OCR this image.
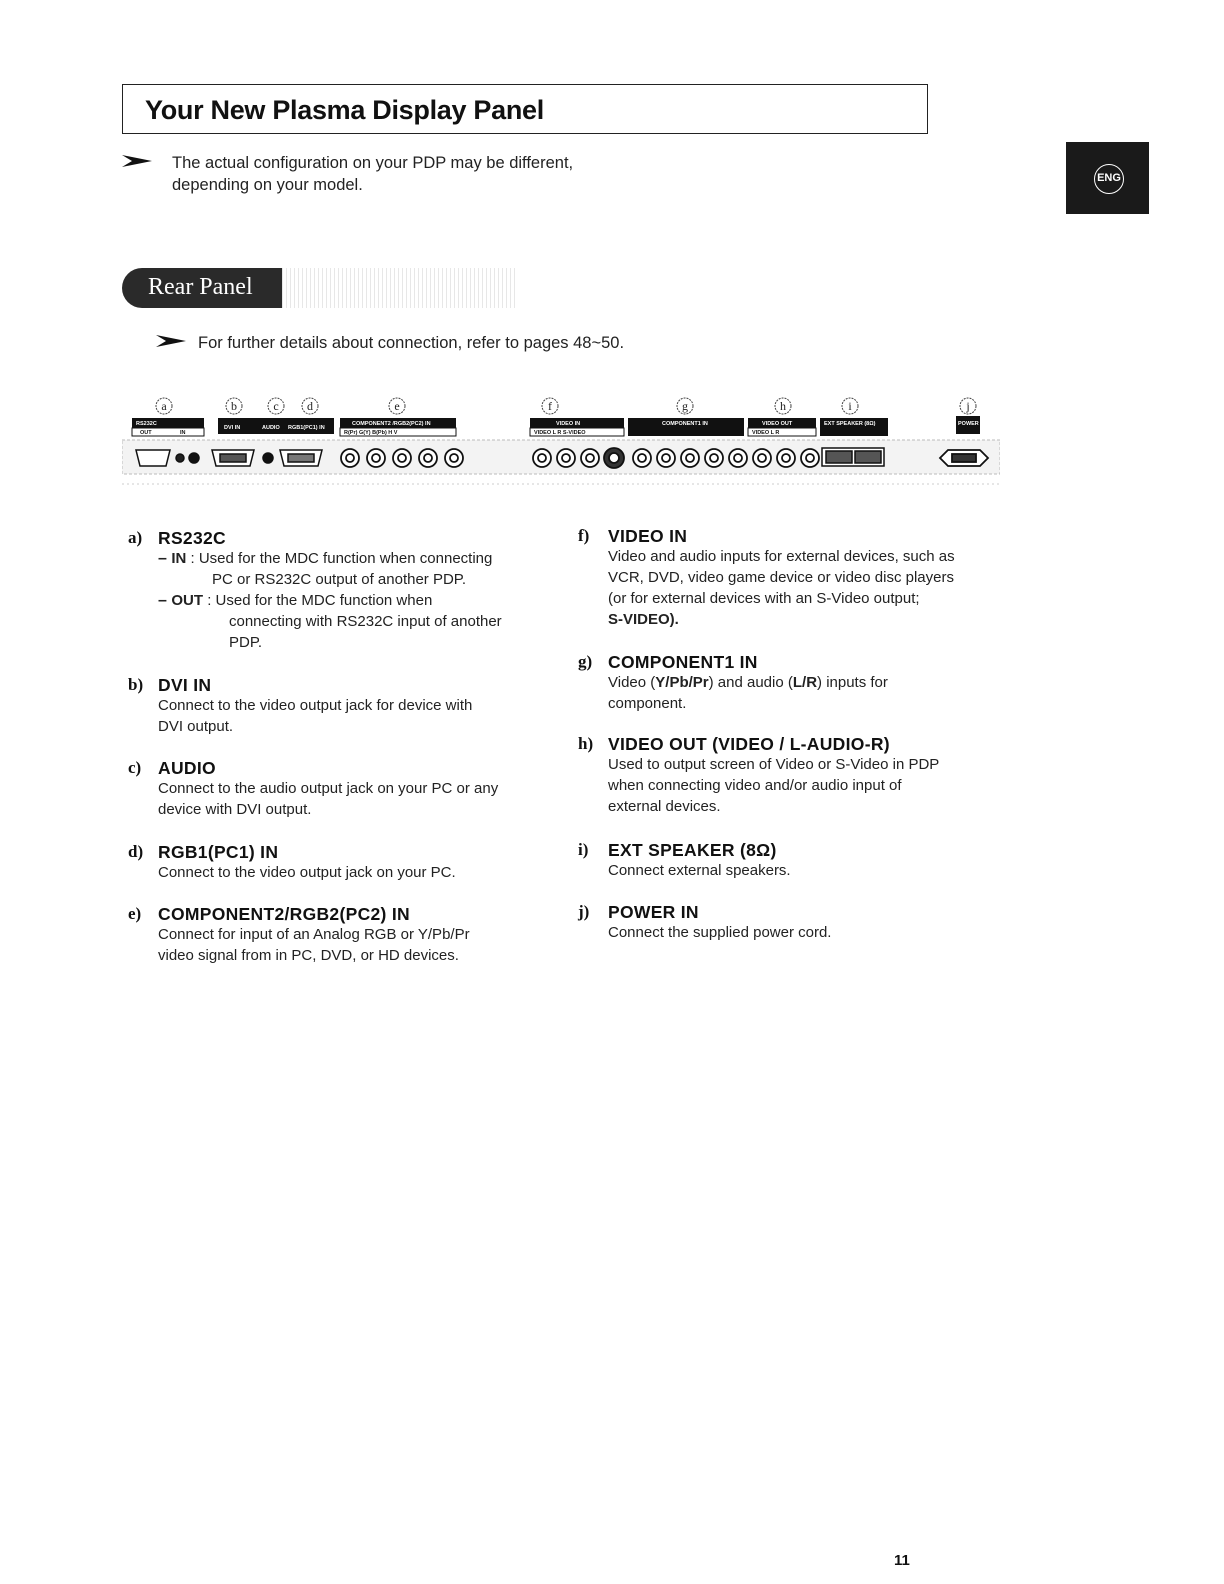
Your New Plasma Display Panel
The actual configuration on your PDP may be different,
depending on your model.	ENG
Rear Panel
For further details about connection, refer to pages 48~50.
a	b	c d	e	f	g	h	i	j
RS232C
OUT	IN
DVI IN	AUDIO RGB1(PC1) IN
COMPONENT2 /RGB2(PC2) IN
R(Pr) G(Y) B(Pb) H V
VIDEO IN
VIDEO L R S-VIDEO
COMPONENT1 IN	VIDEO OUT
VIDEO L R
EXT SPEAKER (8Ω)	POWER IN
a) RS232C
– IN : Used for the MDC function when connecting
PC or RS232C output of another PDP.
– OUT : Used for the MDC function when
connecting with RS232C input of another
PDP.
b) DVI IN
Connect to the video output jack for device with
DVI output.
c) AUDIO
Connect to the audio output jack on your PC or any
device with DVI output.
d) RGB1(PC1) IN
Connect to the video output jack on your PC.
e) COMPONENT2/RGB2(PC2) IN
Connect for input of an Analog RGB or Y/Pb/Pr
video signal from in PC, DVD, or HD devices.
f) VIDEO IN
Video and audio inputs for external devices, such as
VCR, DVD, video game device or video disc players
(or for external devices with an S-Video output;
S-VIDEO).
g) COMPONENT1 IN
Video (Y/Pb/Pr) and audio (L/R) inputs for
component.
h) VIDEO OUT (VIDEO / L-AUDIO-R)
Used to output screen of Video or S-Video in PDP
when connecting video and/or audio input of
external devices.
i) EXT SPEAKER (8Ω)
Connect external speakers.
j) POWER IN
Connect the supplied power cord.
11
